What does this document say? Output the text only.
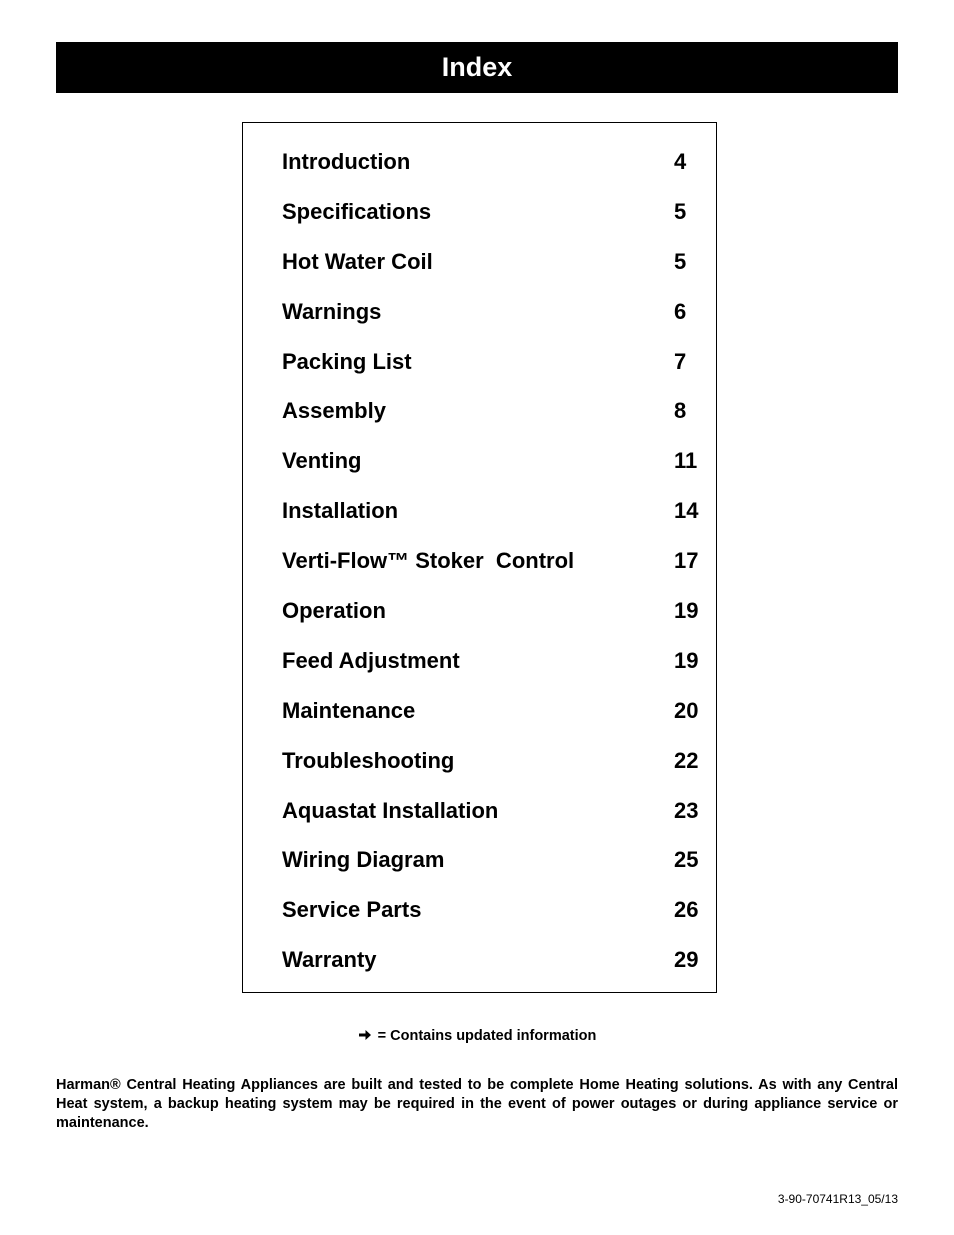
Index
Introduction	4
Specifications	5
Hot Water Coil	5
Warnings	6
Packing List	7
Assembly	8
Venting	11
Installation	14
Verti-Flow™ Stoker  Control	17
Operation	19
Feed Adjustment	19
Maintenance	20
Troubleshooting	22
Aquastat Installation	23
Wiring Diagram	25
Service Parts	26
Warranty	29
= Contains updated information

Harman® Central Heating Appliances are built and tested to be complete Home Heating solutions. As with any Central Heat system, a backup heating system may be required in the event of power outages or during appliance service or maintenance.

3-90-70741R13_05/13
